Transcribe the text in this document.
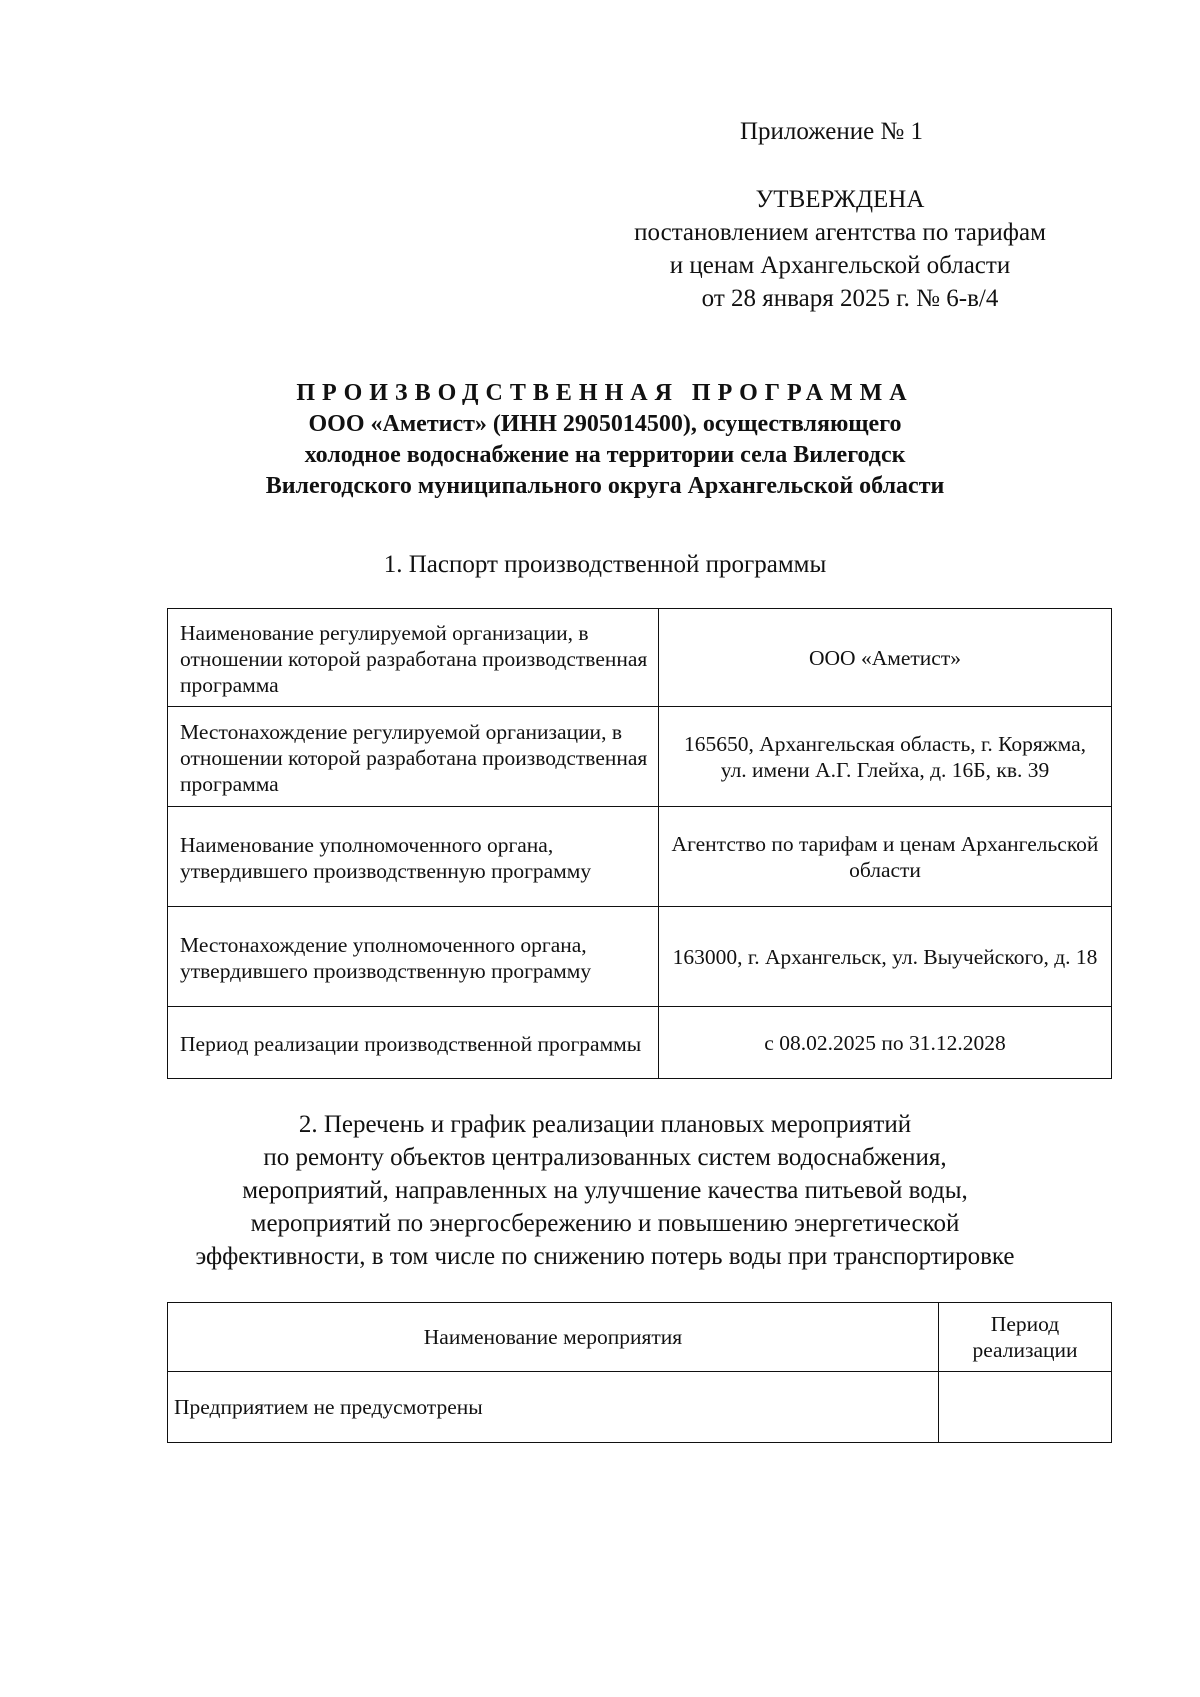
Приложение № 1
УТВЕРЖДЕНА
постановлением агентства по тарифам
и ценам Архангельской области
от 28 января 2025 г. № 6-в/4
ПРОИЗВОДСТВЕННАЯ ПРОГРАММА
ООО «Аметист» (ИНН 2905014500), осуществляющего
холодное водоснабжение на территории села Вилегодск
Вилегодского муниципального округа Архангельской области
1. Паспорт производственной программы
Наименование регулируемой организации, в отношении которой разработана производственная программа	ООО «Аметист»
Местонахождение регулируемой организации, в отношении которой разработана производственная программа	165650, Архангельская область, г. Коряжма, ул. имени А.Г. Глейха, д. 16Б, кв. 39
Наименование уполномоченного органа, утвердившего производственную программу	Агентство по тарифам и ценам Архангельской области
Местонахождение уполномоченного органа, утвердившего производственную программу	163000, г. Архангельск, ул. Выучейского, д. 18
Период реализации производственной программы	с 08.02.2025 по 31.12.2028
2. Перечень и график реализации плановых мероприятий
по ремонту объектов централизованных систем водоснабжения,
мероприятий, направленных на улучшение качества питьевой воды,
мероприятий по энергосбережению и повышению энергетической
эффективности, в том числе по снижению потерь воды при транспортировке
Наименование мероприятия	Период реализации
Предприятием не предусмотрены	
